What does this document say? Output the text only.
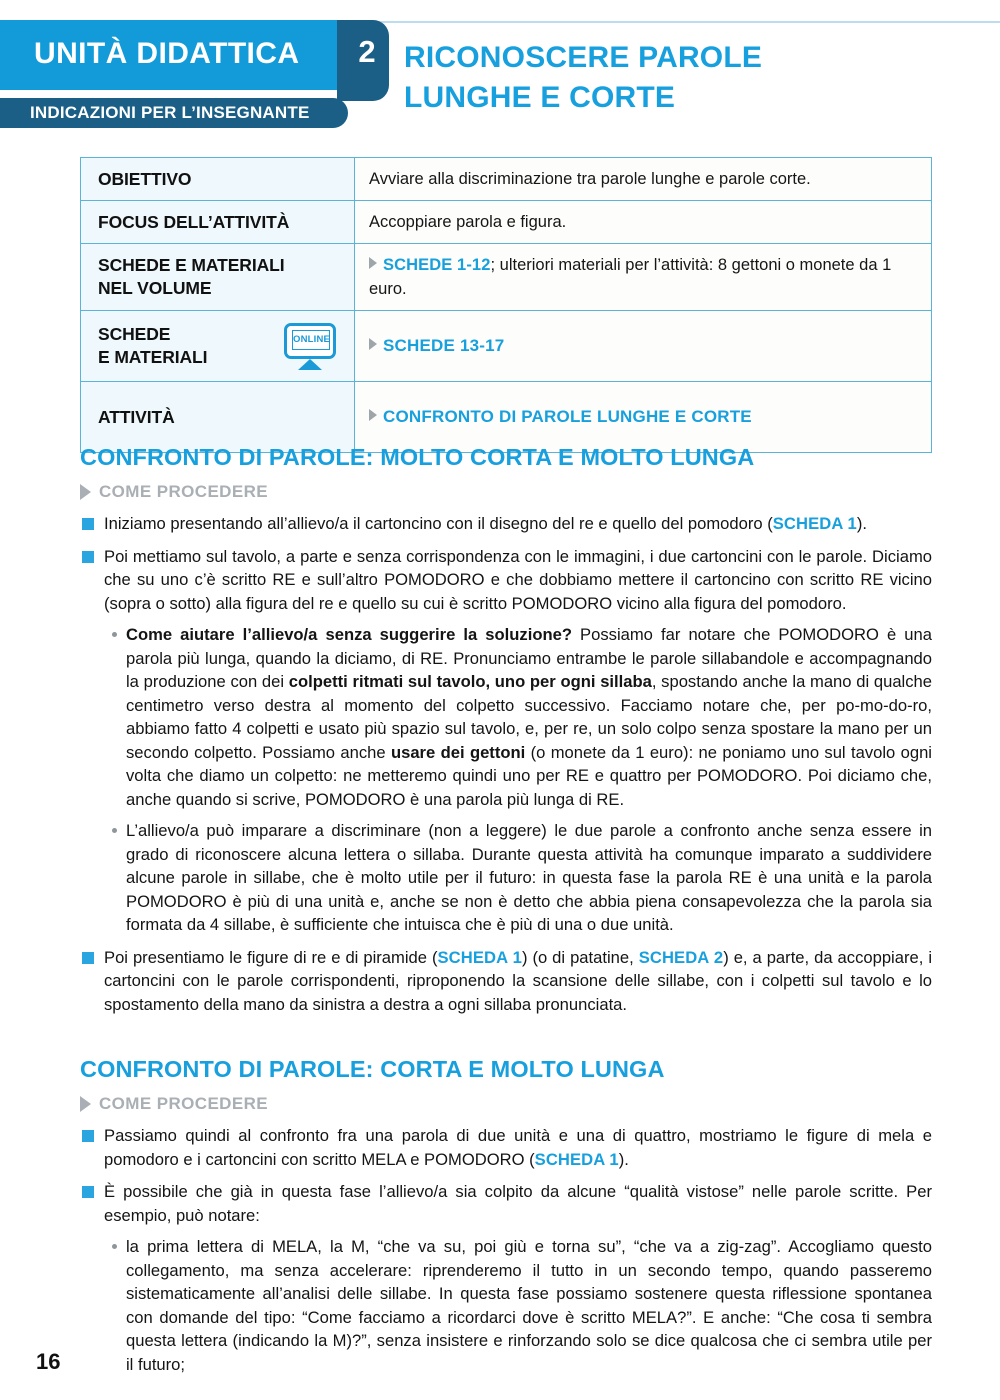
UNITÀ DIDATTICA	2
INDICAZIONI PER L’INSEGNANTE
RICONOSCERE PAROLE
LUNGHE E CORTE
OBIETTIVO	Avviare alla discriminazione tra parole lunghe e parole corte.
FOCUS DELL’ATTIVITÀ	Accoppiare parola e figura.

SCHEDE E MATERIALI
NEL VOLUME	SCHEDE 1-12; ulteriori materiali per l’attività: 8 gettoni o monete da 1 euro.

SCHEDE
E MATERIALI
ONLINE	SCHEDE 13-17
ATTIVITÀ	CONFRONTO DI PAROLE LUNGHE E CORTE
CONFRONTO DI PAROLE: MOLTO CORTA E MOLTO LUNGA
COME PROCEDERE
Iniziamo presentando all’allievo/a il cartoncino con il disegno del re e quello del pomodoro (SCHEDA 1).
Poi mettiamo sul tavolo, a parte e senza corrispondenza con le immagini, i due cartoncini con le parole. Diciamo che su uno c’è scritto RE e sull’altro POMODORO e che dobbiamo mettere il cartoncino con scritto RE vicino (sopra o sotto) alla figura del re e quello su cui è scritto POMODORO vicino alla figura del pomodoro.
Come aiutare l’allievo/a senza suggerire la soluzione? Possiamo far notare che POMODORO è una parola più lunga, quando la diciamo, di RE. Pronunciamo entrambe le parole sillabandole e accompagnando la produzione con dei colpetti ritmati sul tavolo, uno per ogni sillaba, spostando anche la mano di qualche centimetro verso destra al momento del colpetto successivo. Facciamo notare che, per po-mo-do-ro, abbiamo fatto 4 colpetti e usato più spazio sul tavolo, e, per re, un solo colpo senza spostare la mano per un secondo colpetto. Possiamo anche usare dei gettoni (o monete da 1 euro): ne poniamo uno sul tavolo ogni volta che diamo un colpetto: ne metteremo quindi uno per RE e quattro per POMODORO. Poi diciamo che, anche quando si scrive, POMODORO è una parola più lunga di RE.
L’allievo/a può imparare a discriminare (non a leggere) le due parole a confronto anche senza essere in grado di riconoscere alcuna lettera o sillaba. Durante questa attività ha comunque imparato a suddividere alcune parole in sillabe, che è molto utile per il futuro: in questa fase la parola RE è una unità e la parola POMODORO è più di una unità e, anche se non è detto che abbia piena consapevolezza che la parola sia formata da 4 sillabe, è sufficiente che intuisca che è più di una o due unità.
Poi presentiamo le figure di re e di piramide (SCHEDA 1) (o di patatine, SCHEDA 2) e, a parte, da accoppiare, i cartoncini con le parole corrispondenti, riproponendo la scansione delle sillabe, con i colpetti sul tavolo e lo spostamento della mano da sinistra a destra a ogni sillaba pronunciata.
CONFRONTO DI PAROLE: CORTA E MOLTO LUNGA
COME PROCEDERE
Passiamo quindi al confronto fra una parola di due unità e una di quattro, mostriamo le figure di mela e pomodoro e i cartoncini con scritto MELA e POMODORO (SCHEDA 1).
È possibile che già in questa fase l’allievo/a sia colpito da alcune “qualità vistose” nelle parole scritte. Per esempio, può notare:
la prima lettera di MELA, la M, “che va su, poi giù e torna su”, “che va a zig-zag”. Accogliamo questo collegamento, ma senza accelerare: riprenderemo il tutto in un secondo tempo, quando passeremo sistematicamente all’analisi delle sillabe. In questa fase possiamo sostenere questa riflessione spontanea con domande del tipo: “Come facciamo a ricordarci dove è scritto MELA?”. E anche: “Che cosa ti sembra questa lettera (indicando la M)?”, senza insistere e rinforzando solo se dice qualcosa che ci sembra utile per il futuro;
16
